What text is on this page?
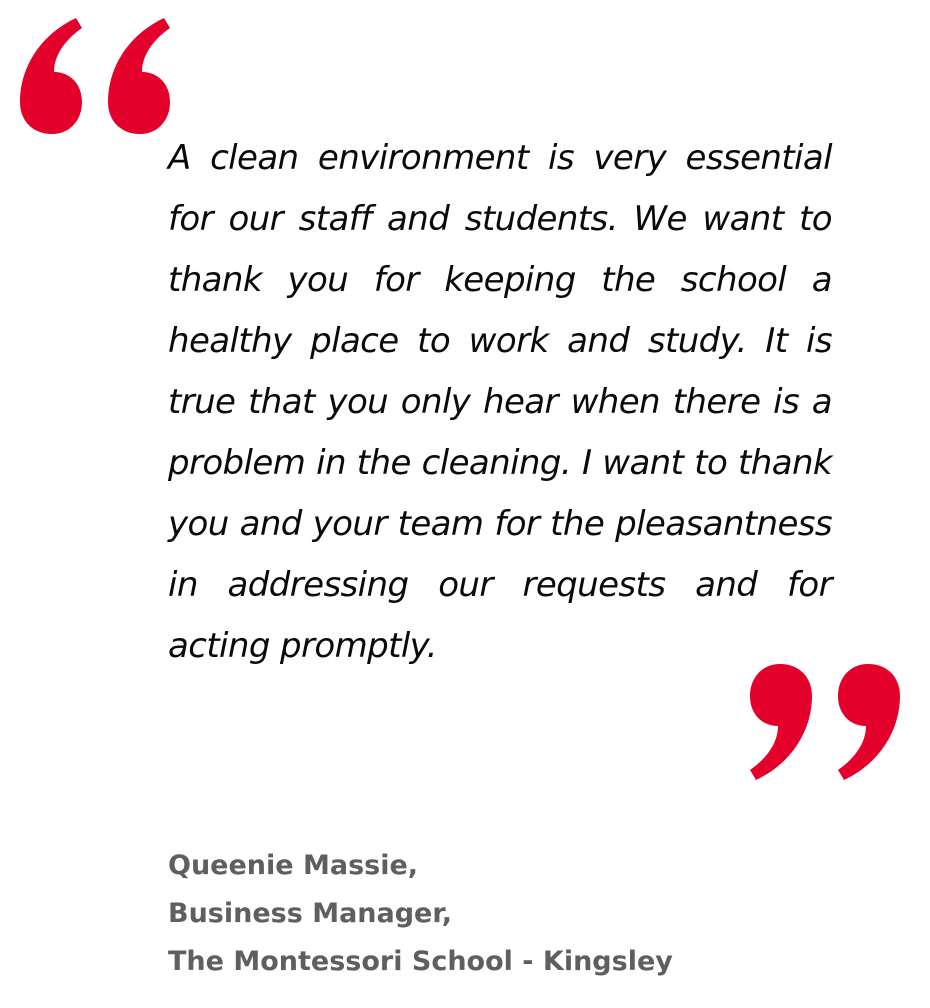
A clean environment is very essential for our staff and students. We want to thank you for keeping the school a healthy place to work and study. It is true that you only hear when there is a problem in the cleaning. I want to thank you and your team for the pleasantness in addressing our requests and for acting promptly.

Queenie Massie,
Business Manager,
The Montessori School - Kingsley
